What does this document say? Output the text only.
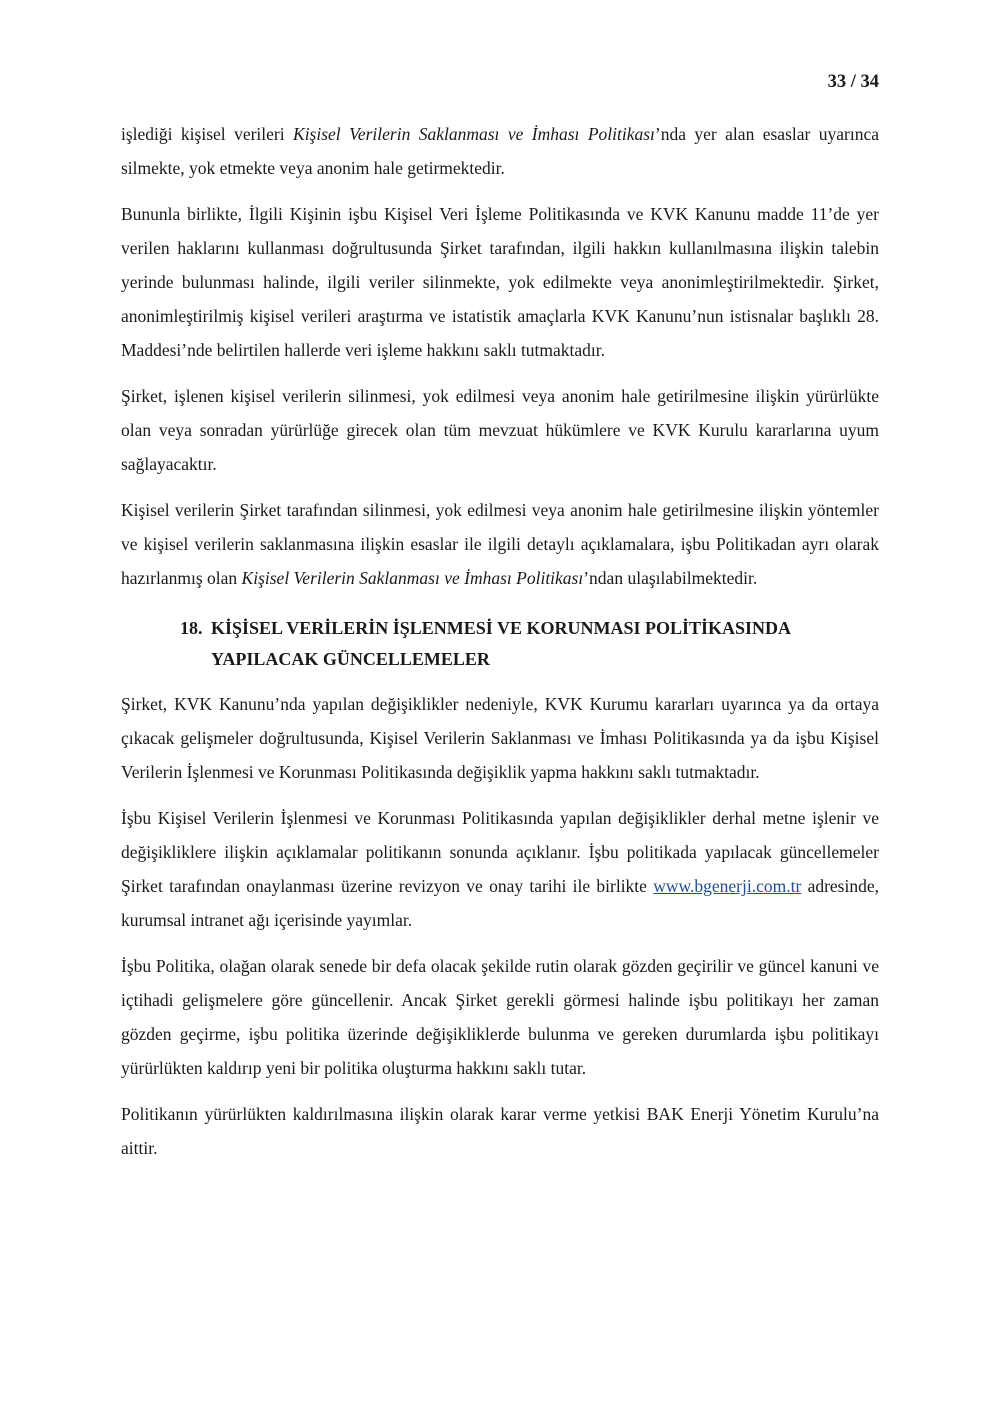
33 / 34

işlediği kişisel verileri Kişisel Verilerin Saklanması ve İmhası Politikası’nda yer alan esaslar uyarınca silmekte, yok etmekte veya anonim hale getirmektedir.

Bununla birlikte, İlgili Kişinin işbu Kişisel Veri İşleme Politikasında ve KVK Kanunu madde 11’de yer verilen haklarını kullanması doğrultusunda Şirket tarafından, ilgili hakkın kullanılmasına ilişkin talebin yerinde bulunması halinde, ilgili veriler silinmekte, yok edilmekte veya anonimleştirilmektedir. Şirket, anonimleştirilmiş kişisel verileri araştırma ve istatistik amaçlarla KVK Kanunu’nun istisnalar başlıklı 28. Maddesi’nde belirtilen hallerde veri işleme hakkını saklı tutmaktadır.

Şirket, işlenen kişisel verilerin silinmesi, yok edilmesi veya anonim hale getirilmesine ilişkin yürürlükte olan veya sonradan yürürlüğe girecek olan tüm mevzuat hükümlere ve KVK Kurulu kararlarına uyum sağlayacaktır.

Kişisel verilerin Şirket tarafından silinmesi, yok edilmesi veya anonim hale getirilmesine ilişkin yöntemler ve kişisel verilerin saklanmasına ilişkin esaslar ile ilgili detaylı açıklamalara, işbu Politikadan ayrı olarak hazırlanmış olan Kişisel Verilerin Saklanması ve İmhası Politikası’ndan ulaşılabilmektedir.

18. KİŞİSEL VERİLERİN İŞLENMESİ VE KORUNMASI POLİTİKASINDA YAPILACAK GÜNCELLEMELER

Şirket, KVK Kanunu’nda yapılan değişiklikler nedeniyle, KVK Kurumu kararları uyarınca ya da ortaya çıkacak gelişmeler doğrultusunda, Kişisel Verilerin Saklanması ve İmhası Politikasında ya da işbu Kişisel Verilerin İşlenmesi ve Korunması Politikasında değişiklik yapma hakkını saklı tutmaktadır.

İşbu Kişisel Verilerin İşlenmesi ve Korunması Politikasında yapılan değişiklikler derhal metne işlenir ve değişikliklere ilişkin açıklamalar politikanın sonunda açıklanır. İşbu politikada yapılacak güncellemeler Şirket tarafından onaylanması üzerine revizyon ve onay tarihi ile birlikte www.bgenerji.com.tr adresinde, kurumsal intranet ağı içerisinde yayımlar.

İşbu Politika, olağan olarak senede bir defa olacak şekilde rutin olarak gözden geçirilir ve güncel kanuni ve içtihadi gelişmelere göre güncellenir. Ancak Şirket gerekli görmesi halinde işbu politikayı her zaman gözden geçirme, işbu politika üzerinde değişikliklerde bulunma ve gereken durumlarda işbu politikayı yürürlükten kaldırıp yeni bir politika oluşturma hakkını saklı tutar.

Politikanın yürürlükten kaldırılmasına ilişkin olarak karar verme yetkisi BAK Enerji Yönetim Kurulu’na aittir.
